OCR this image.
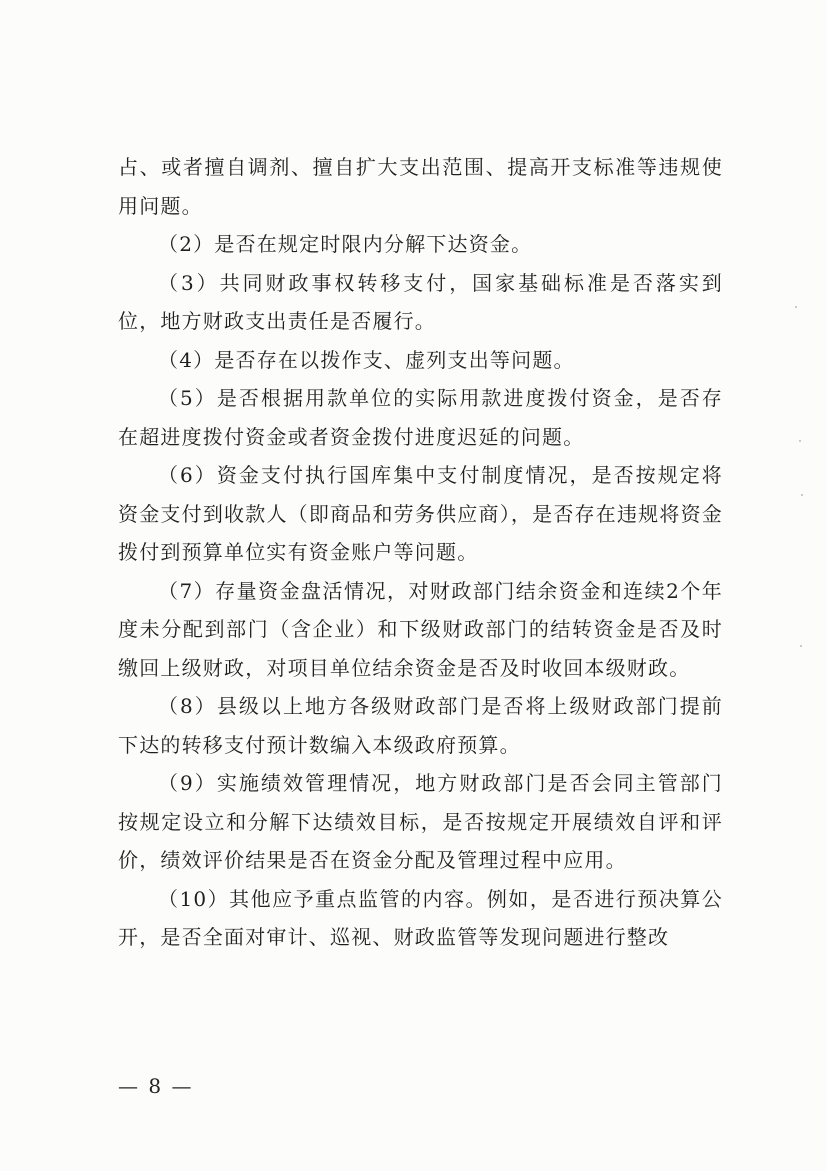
占、或者擅自调剂、擅自扩大支出范围、提高开支标准等违规使用问题。

（2）是否在规定时限内分解下达资金。

（3）共同财政事权转移支付，国家基础标准是否落实到位，地方财政支出责任是否履行。

（4）是否存在以拨作支、虚列支出等问题。

（5）是否根据用款单位的实际用款进度拨付资金，是否存在超进度拨付资金或者资金拨付进度迟延的问题。

（6）资金支付执行国库集中支付制度情况，是否按规定将资金支付到收款人（即商品和劳务供应商），是否存在违规将资金拨付到预算单位实有资金账户等问题。

（7）存量资金盘活情况，对财政部门结余资金和连续2个年度未分配到部门（含企业）和下级财政部门的结转资金是否及时缴回上级财政，对项目单位结余资金是否及时收回本级财政。

（8）县级以上地方各级财政部门是否将上级财政部门提前下达的转移支付预计数编入本级政府预算。

（9）实施绩效管理情况，地方财政部门是否会同主管部门按规定设立和分解下达绩效目标，是否按规定开展绩效自评和评价，绩效评价结果是否在资金分配及管理过程中应用。

（10）其他应予重点监管的内容。例如，是否进行预决算公开，是否全面对审计、巡视、财政监管等发现问题进行整改

— 8 —
